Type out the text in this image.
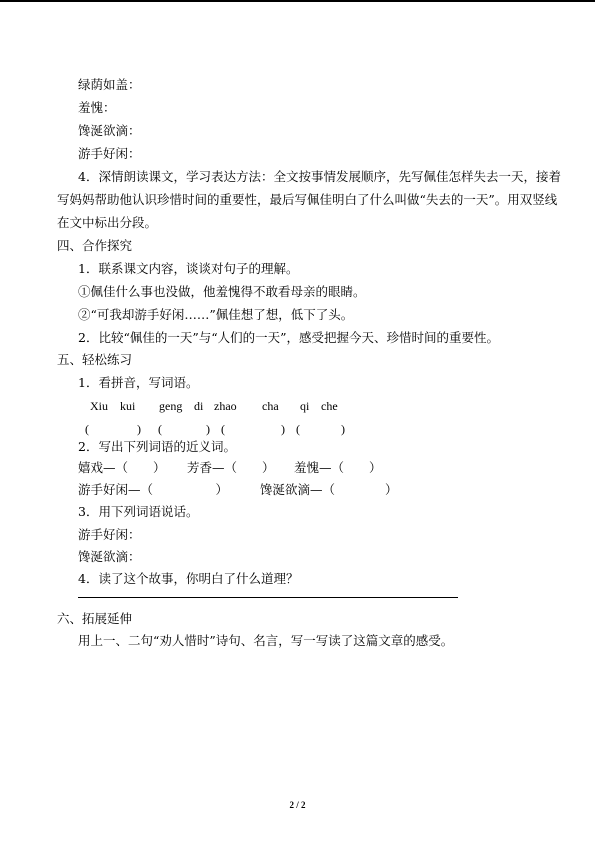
绿荫如盖：
羞愧：
馋涎欲滴：
游手好闲：
4．深情朗读课文，学习表达方法：全文按事情发展顺序，先写佩佳怎样失去一天，接着
写妈妈帮助他认识珍惜时间的重要性，最后写佩佳明白了什么叫做“失去的一天”。用双竖线
在文中标出分段。
四、合作探究
1．联系课文内容，谈谈对句子的理解。
①佩佳什么事也没做，他羞愧得不敢看母亲的眼睛。
②“可我却游手好闲……”佩佳想了想，低下了头。
2．比较“佩佳的一天”与“人们的一天”，感受把握今天、珍惜时间的重要性。
五、轻松练习
1．看拼音，写词语。
Xiu kui geng di zhao cha qi che
(	) (	) (	) (	)
2．写出下列词语的近义词。
嬉戏—（　　） 芳香—（　　） 羞愧—（　　）
游手好闲—（　　　　　）	馋涎欲滴—（　　　　）
3．用下列词语说话。
游手好闲：
馋涎欲滴：
4．读了这个故事，你明白了什么道理？
六、拓展延伸
用上一、二句“劝人惜时”诗句、名言，写一写读了这篇文章的感受。
2 / 2
